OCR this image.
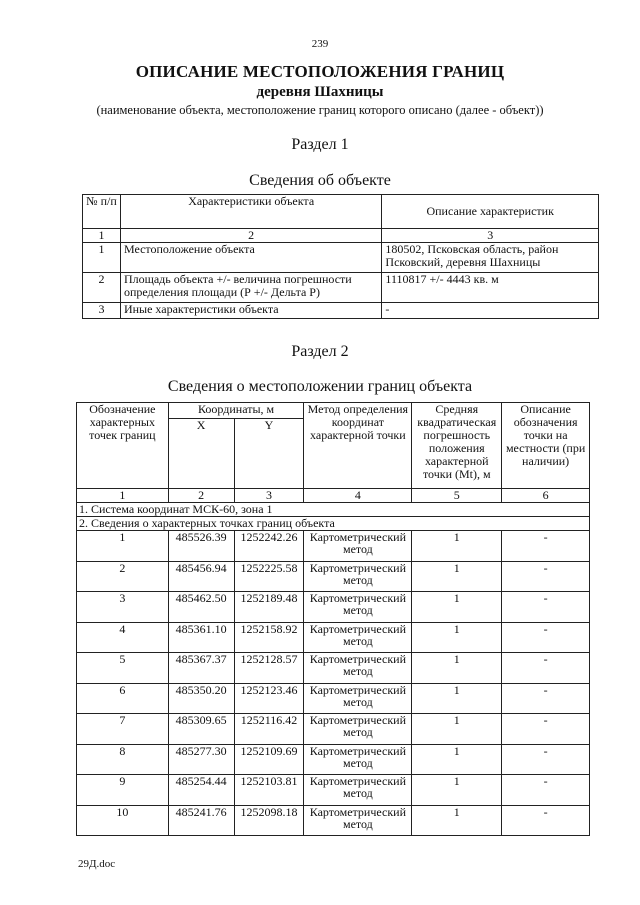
239
ОПИСАНИЕ МЕСТОПОЛОЖЕНИЯ ГРАНИЦ
деревня Шахницы
(наименование объекта, местоположение границ которого описано (далее - объект))
Раздел 1
Сведения об объекте
№ п/п	Характеристики объекта	Описание характеристик
1	2	3
1	Местоположение объекта	180502, Псковская область, район Псковский, деревня Шахницы
2	Площадь объекта +/- величина погрешности определения площади (Р +/- Дельта Р)	1110817 +/- 4443 кв. м
3	Иные характеристики объекта	-
Раздел 2
Сведения о местоположении границ объекта
Обозначение характерных точек границ	Координаты, м		Метод определения координат характерной точки	Средняя квадратическая погрешность положения характерной точки (Mt), м	Описание обозначения точки на местности (при наличии)
	X	Y			
1	2	3	4	5	6
1. Система координат МСК-60, зона 1					
2. Сведения о характерных точках границ объекта					
1	485526.39	1252242.26	Картометрический метод	1	-
2	485456.94	1252225.58	Картометрический метод	1	-
3	485462.50	1252189.48	Картометрический метод	1	-
4	485361.10	1252158.92	Картометрический метод	1	-
5	485367.37	1252128.57	Картометрический метод	1	-
6	485350.20	1252123.46	Картометрический метод	1	-
7	485309.65	1252116.42	Картометрический метод	1	-
8	485277.30	1252109.69	Картометрический метод	1	-
9	485254.44	1252103.81	Картометрический метод	1	-
10	485241.76	1252098.18	Картометрический метод	1	-
29Д.doc
